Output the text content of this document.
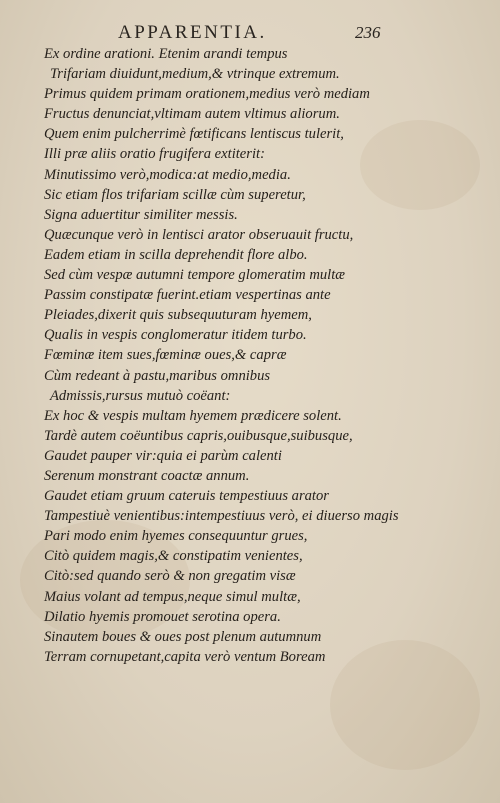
APPARENTIA.	236
Ex ordine arationi. Etenim arandi tempus
Trifariam diuidunt,medium,& vtrinque extremum.
Primus quidem primam orationem,medius verò mediam
Fructus denunciat,vltimam autem vltimus aliorum.
Quem enim pulcherrimè fœtificans lentiscus tulerit,
Illi præ aliis oratio frugifera extiterit:
Minutissimo verò,modica:at medio,media.
Sic etiam flos trifariam scillæ cùm superetur,
Signa aduertitur similiter messis.
Quæcunque verò in lentisci arator obseruauit fructu,
Eadem etiam in scilla deprehendit flore albo.
Sed cùm vespæ autumni tempore glomeratim multæ
Passim constipatæ fuerint.etiam vespertinas ante
Pleiades,dixerit quis subsequuturam hyemem,
Qualis in vespis conglomeratur itidem turbo.
Fœminæ item sues,fœminæ oues,& capræ
Cùm redeant à pastu,maribus omnibus
Admissis,rursus mutuò coëant:
Ex hoc & vespis multam hyemem prædicere solent.
Tardè autem coëuntibus capris,ouibusque,suibusque,
Gaudet pauper vir:quia ei parùm calenti
Serenum monstrant coactæ annum.
Gaudet etiam gruum cateruis tempestiuus arator
Tampestiuè venientibus:intempestiuus verò, ei diuerso magis
Pari modo enim hyemes consequuntur grues,
Citò quidem magis,& constipatim venientes,
Citò:sed quando serò & non gregatim visæ
Maius volant ad tempus,neque simul multæ,
Dilatio hyemis promouet serotina opera.
Sinautem boues & oues post plenum autumnum
Terram cornupetant,capita verò ventum Boream
